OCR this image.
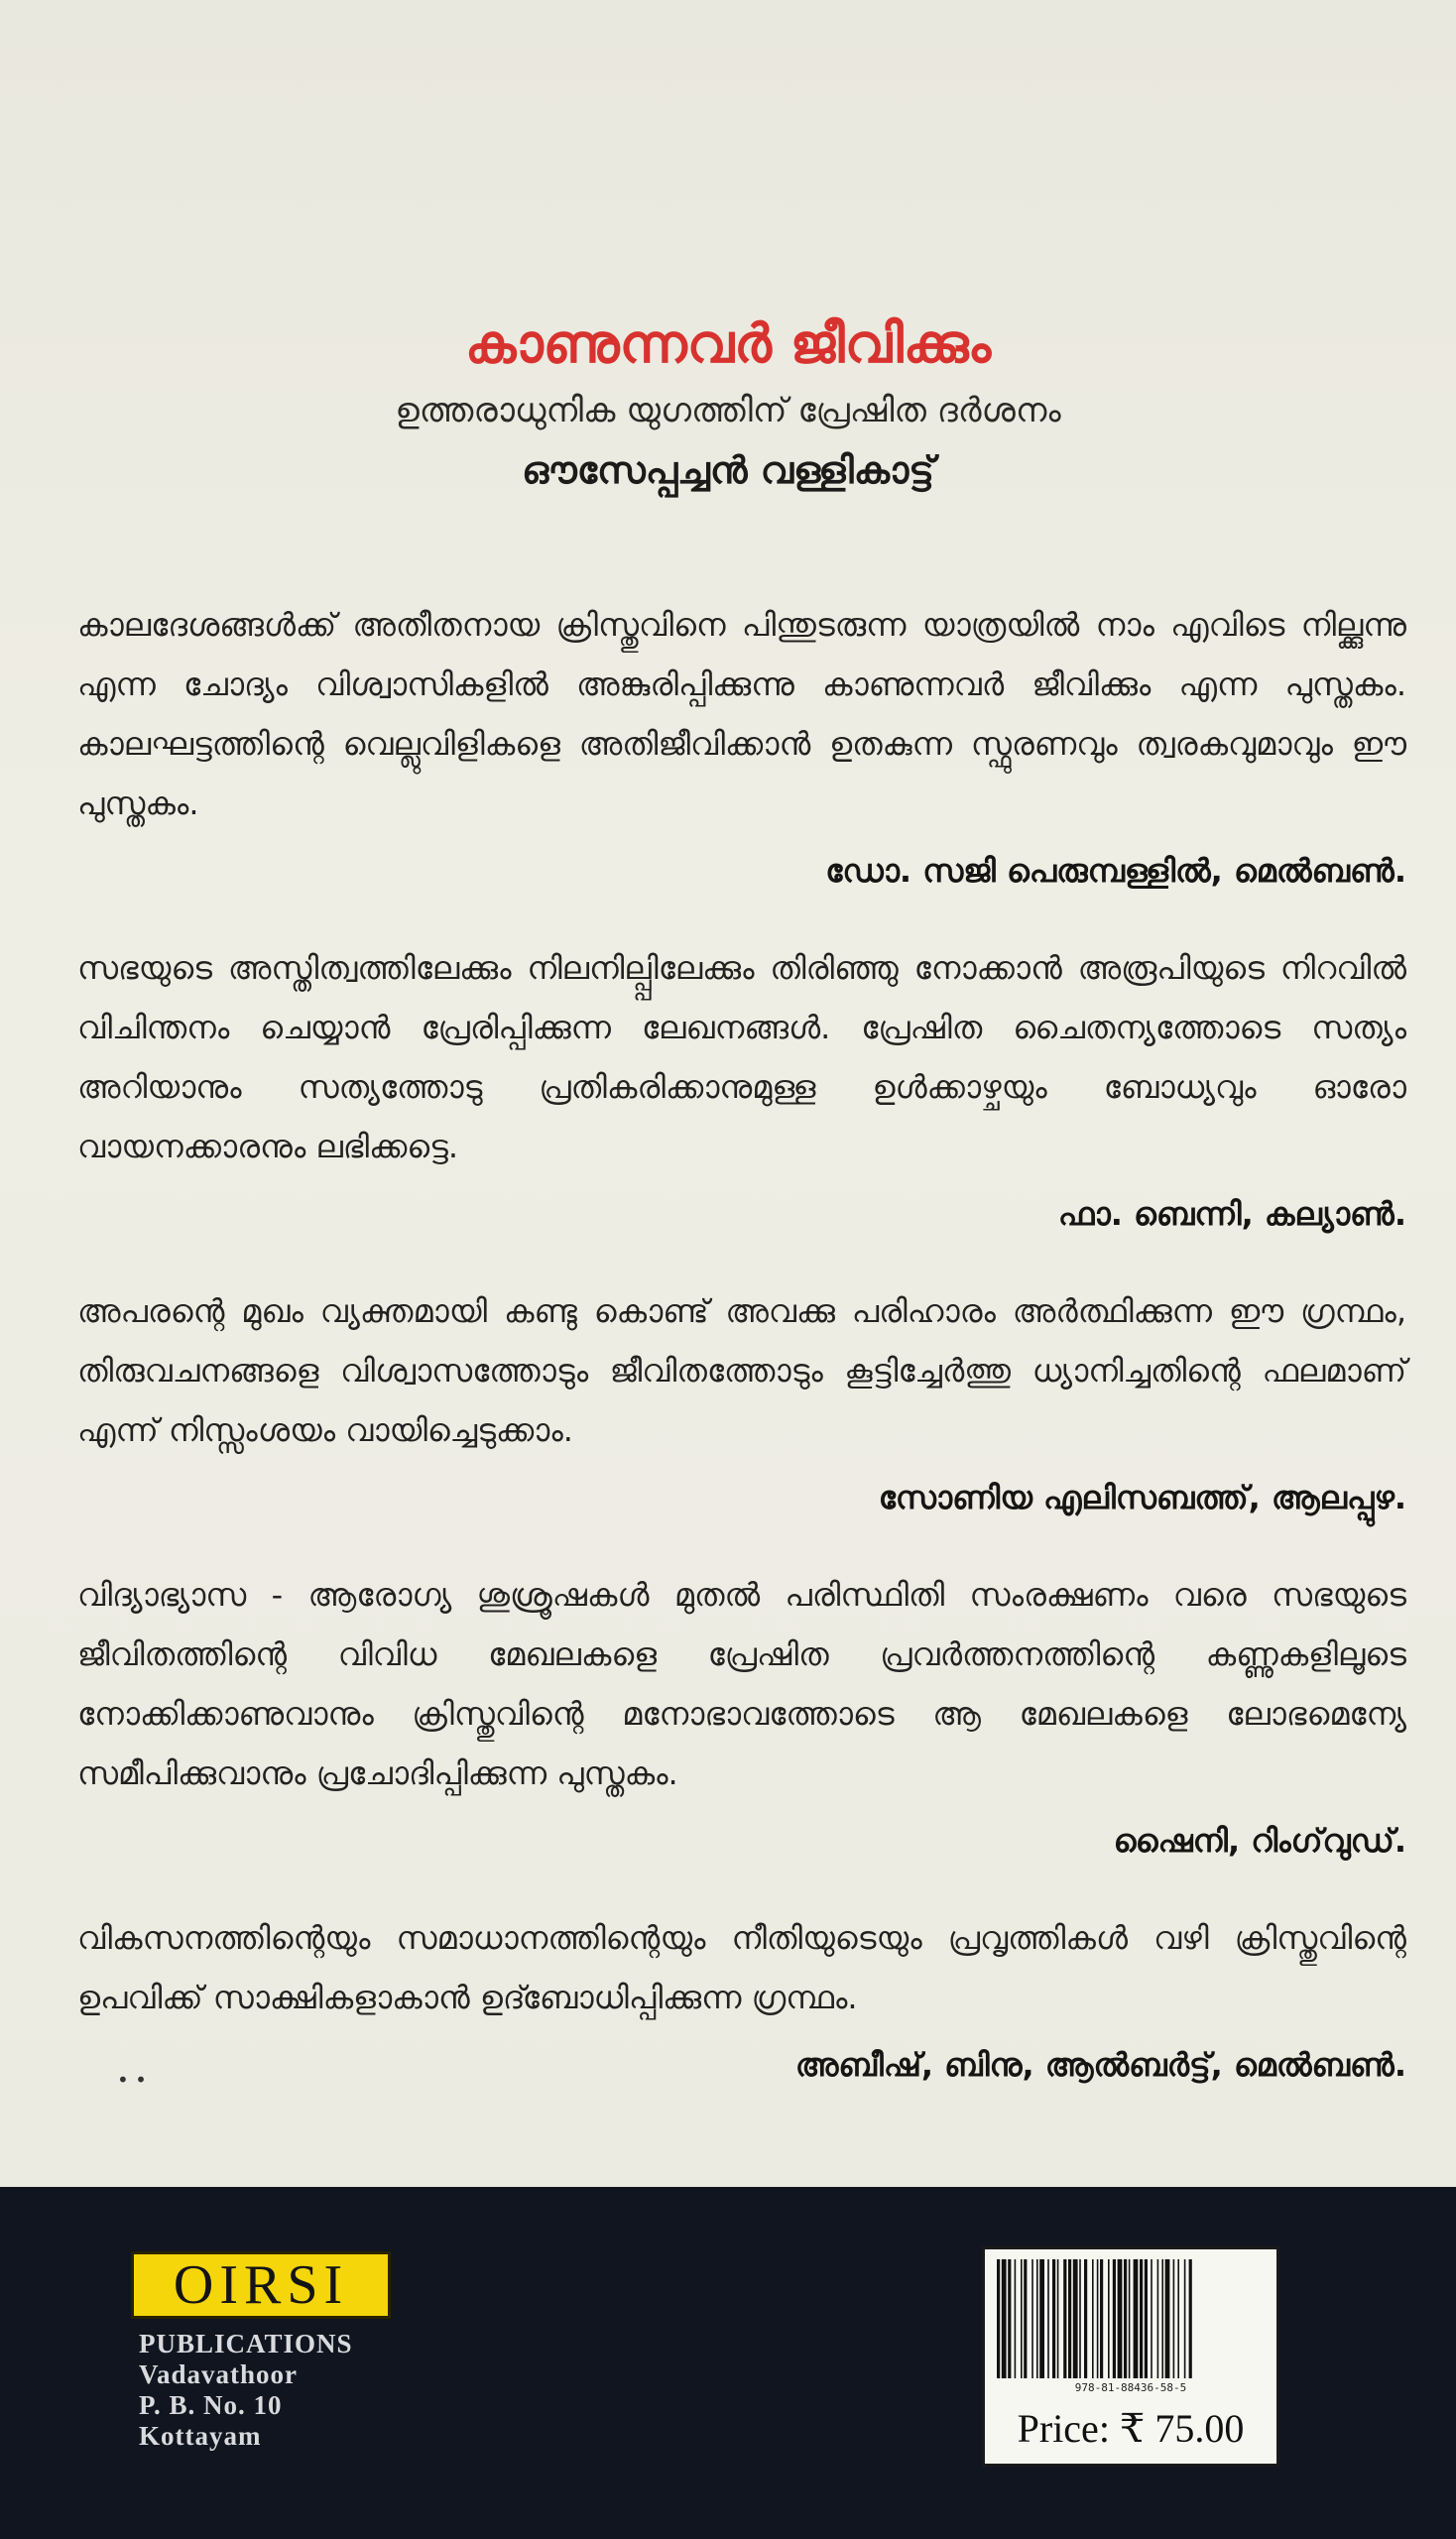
കാണുന്നവർ ജീവിക്കും

ഉത്തരാധുനിക യുഗത്തിന് പ്രേഷിത ദർശനം

ഔസേപ്പച്ചൻ വള്ളികാട്ട്

കാലദേശങ്ങൾക്ക് അതീതനായ ക്രിസ്തുവിനെ പിന്തുടരുന്ന യാത്രയിൽ നാം എവിടെ നില്ക്കുന്നു എന്ന ചോദ്യം വിശ്വാസികളിൽ അങ്കുരിപ്പിക്കുന്നു കാണുന്നവർ ജീവിക്കും എന്ന പുസ്തകം. കാലഘട്ടത്തിന്റെ വെല്ലുവിളികളെ അതിജീവിക്കാൻ ഉതകുന്ന സ്ഫുരണവും ത്വരകവുമാവും ഈ പുസ്തകം.

ഡോ. സജി പെരുമ്പള്ളിൽ, മെൽബൺ.

സഭയുടെ അസ്തിത്വത്തിലേക്കും നിലനില്പ്പിലേക്കും തിരിഞ്ഞു നോക്കാൻ അരൂപിയുടെ നിറവിൽ വിചിന്തനം ചെയ്യാൻ പ്രേരിപ്പിക്കുന്ന ലേഖനങ്ങൾ. പ്രേഷിത ചൈതന്യത്തോടെ സത്യം അറിയാനും സത്യത്തോടു പ്രതികരിക്കാനുമുള്ള ഉൾക്കാഴ്ചയും ബോധ്യവും ഓരോ വായനക്കാരനും ലഭിക്കട്ടെ.

ഫാ. ബെന്നി, കല്യാൺ.

അപരന്റെ മുഖം വ്യക്തമായി കണ്ടു കൊണ്ട് അവക്കു പരിഹാരം അർത്ഥിക്കുന്ന ഈ ഗ്രന്ഥം, തിരുവചനങ്ങളെ വിശ്വാസത്തോടും ജീവിതത്തോടും കൂട്ടിച്ചേർത്തു ധ്യാനിച്ചതിന്റെ ഫലമാണ് എന്ന് നിസ്സംശയം വായിച്ചെടുക്കാം.

സോണിയ എലിസബത്ത്, ആലപ്പുഴ.

വിദ്യാഭ്യാസ - ആരോഗ്യ ശുശ്രൂഷകൾ മുതൽ പരിസ്ഥിതി സംരക്ഷണം വരെ സഭയുടെ ജീവിതത്തിന്റെ വിവിധ മേഖലകളെ പ്രേഷിത പ്രവർത്തനത്തിന്റെ കണ്ണുകളിലൂടെ നോക്കിക്കാണുവാനും ക്രിസ്തുവിന്റെ മനോഭാവത്തോടെ ആ മേഖലകളെ ലോഭമെന്യേ സമീപിക്കുവാനും പ്രചോദിപ്പിക്കുന്ന പുസ്തകം.

ഷൈനി, റിംഗ്‌വുഡ്.

വികസനത്തിന്റെയും സമാധാനത്തിന്റെയും നീതിയുടെയും പ്രവൃത്തികൾ വഴി ക്രിസ്തുവിന്റെ ഉപവിക്ക് സാക്ഷികളാകാൻ ഉദ്ബോധിപ്പിക്കുന്ന ഗ്രന്ഥം.

അബീഷ്, ബിനു, ആൽബർട്ട്, മെൽബൺ.

• •
OIRSI
PUBLICATIONS
Vadavathoor
P. B. No. 10
Kottayam
978-81-88436-58-5
Price: ₹ 75.00
